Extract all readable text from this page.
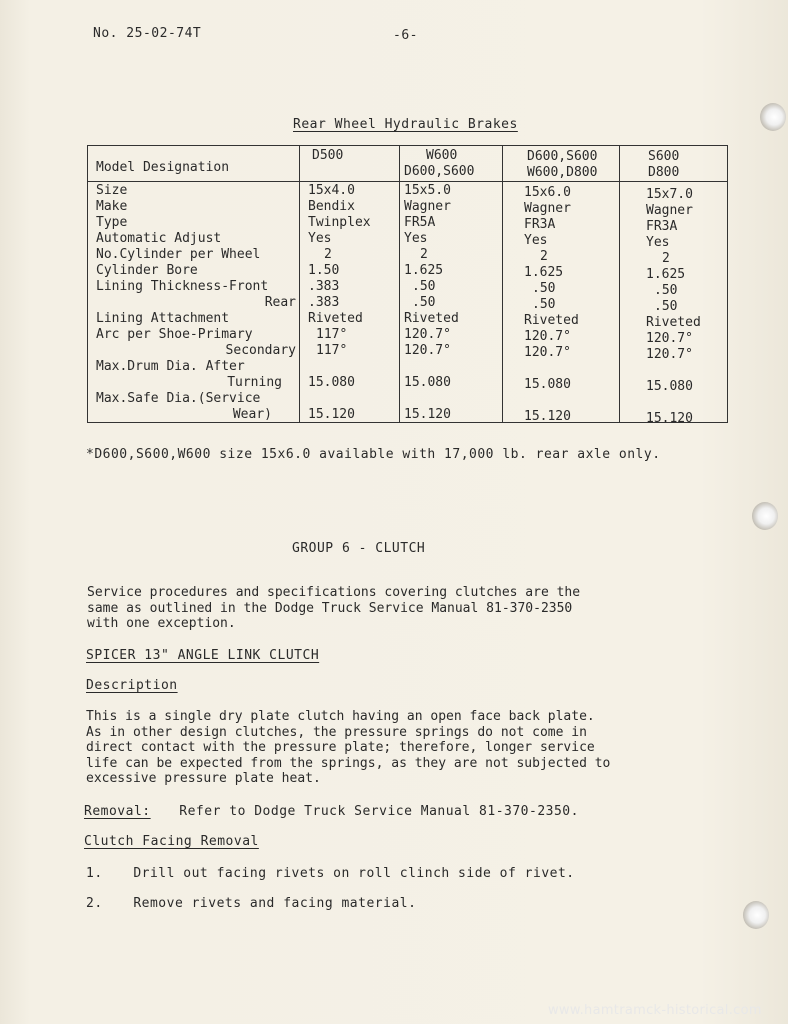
No. 25-02-74T	-6-
Rear Wheel Hydraulic Brakes
Model Designation
D500	W600
D600,S600
D600,S600
W600,D800
S600
D800
Size
Make
Type
Automatic Adjust
No.Cylinder per Wheel
Cylinder Bore
Lining Thickness-Front
Rear
Lining Attachment
Arc per Shoe-Primary
Secondary
Max.Drum Dia. After
Turning
Max.Safe Dia.(Service
Wear)
15x4.0
Bendix
Twinplex
Yes
2
1.50
.383
.383
Riveted
117°
117°
15.080
15.120
15x5.0
Wagner
FR5A
Yes
2
1.625
.50
.50
Riveted
120.7°
120.7°
15.080
15.120
15x6.0
Wagner
FR3A
Yes
2
1.625
.50
.50
Riveted
120.7°
120.7°
15.080
15.120
15x7.0
Wagner
FR3A
Yes
2
1.625
.50
.50
Riveted
120.7°
120.7°
15.080
15.120
*D600,S600,W600 size 15x6.0 available with 17,000 lb. rear axle only.
GROUP 6 - CLUTCH
Service procedures and specifications covering clutches are the
same as outlined in the Dodge Truck Service Manual 81-370-2350
with one exception.
SPICER 13" ANGLE LINK CLUTCH
Description
This is a single dry plate clutch having an open face back plate.
As in other design clutches, the pressure springs do not come in
direct contact with the pressure plate; therefore, longer service
life can be expected from the springs, as they are not subjected to
excessive pressure plate heat.
Removal: Refer to Dodge Truck Service Manual 81-370-2350.
Clutch Facing Removal
1. Drill out facing rivets on roll clinch side of rivet.
2. Remove rivets and facing material.
www.hamtramck-historical.com
